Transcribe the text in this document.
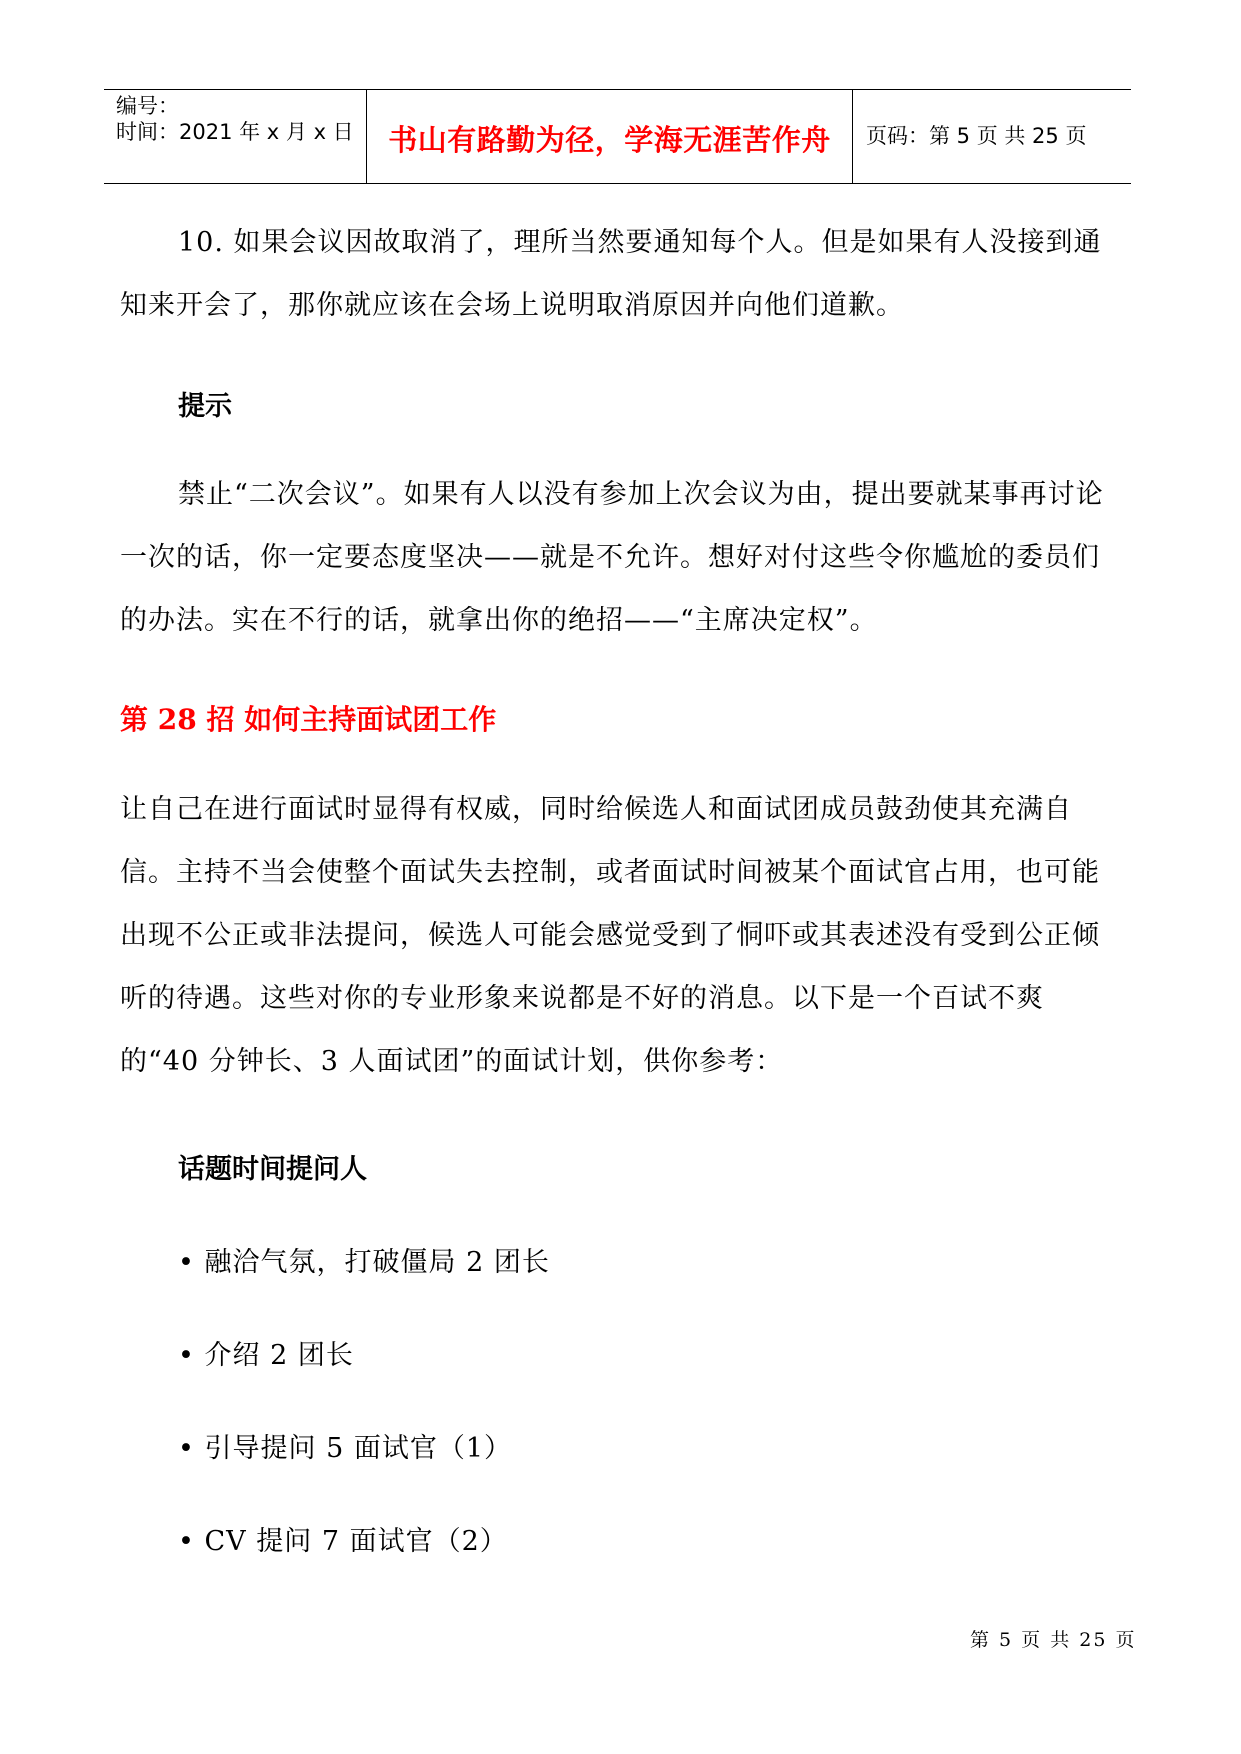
编号：
时间：2021 年 x 月 x 日	书山有路勤为径，学海无涯苦作舟	页码：第 5 页 共 25 页

10. 如果会议因故取消了，理所当然要通知每个人。但是如果有人没接到通知来开会了，那你就应该在会场上说明取消原因并向他们道歉。

提示

禁止“二次会议”。如果有人以没有参加上次会议为由，提出要就某事再讨论一次的话，你一定要态度坚决——就是不允许。想好对付这些令你尴尬的委员们的办法。实在不行的话，就拿出你的绝招——“主席决定权”。

第 28 招 如何主持面试团工作

让自己在进行面试时显得有权威，同时给候选人和面试团成员鼓劲使其充满自信。主持不当会使整个面试失去控制，或者面试时间被某个面试官占用，也可能出现不公正或非法提问，候选人可能会感觉受到了恫吓或其表述没有受到公正倾听的待遇。这些对你的专业形象来说都是不好的消息。以下是一个百试不爽的“40 分钟长、3 人面试团”的面试计划，供你参考：

话题时间提问人

• 融洽气氛，打破僵局 2 团长

• 介绍 2 团长

• 引导提问 5 面试官（1）

• CV 提问 7 面试官（2）

第 5 页 共 25 页
